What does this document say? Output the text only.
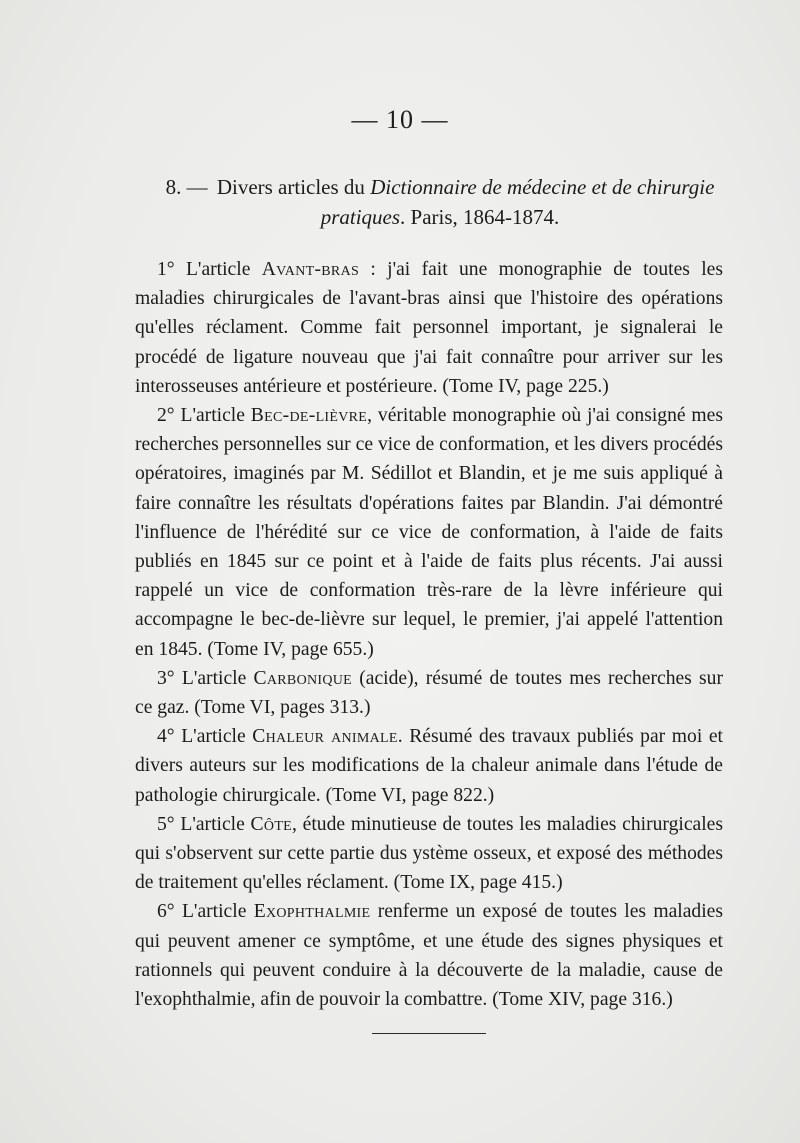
— 10 —
8. — Divers articles du Dictionnaire de médecine et de chirurgie pratiques. Paris, 1864-1874.

1° L'article Avant-bras : j'ai fait une monographie de toutes les maladies chirurgicales de l'avant-bras ainsi que l'histoire des opérations qu'elles réclament. Comme fait personnel important, je signalerai le procédé de ligature nouveau que j'ai fait connaître pour arriver sur les interosseuses antérieure et postérieure. (Tome IV, page 225.)

2° L'article Bec-de-lièvre, véritable monographie où j'ai consigné mes recherches personnelles sur ce vice de conformation, et les divers procédés opératoires, imaginés par M. Sédillot et Blandin, et je me suis appliqué à faire connaître les résultats d'opérations faites par Blandin. J'ai démontré l'influence de l'hérédité sur ce vice de conformation, à l'aide de faits publiés en 1845 sur ce point et à l'aide de faits plus récents. J'ai aussi rappelé un vice de conformation très-rare de la lèvre inférieure qui accompagne le bec-de-lièvre sur lequel, le premier, j'ai appelé l'attention en 1845. (Tome IV, page 655.)

3° L'article Carbonique (acide), résumé de toutes mes recherches sur ce gaz. (Tome VI, pages 313.)

4° L'article Chaleur animale. Résumé des travaux publiés par moi et divers auteurs sur les modifications de la chaleur animale dans l'étude de pathologie chirurgicale. (Tome VI, page 822.)

5° L'article Côte, étude minutieuse de toutes les maladies chirurgicales qui s'observent sur cette partie dus ystème osseux, et exposé des méthodes de traitement qu'elles réclament. (Tome IX, page 415.)

6° L'article Exophthalmie renferme un exposé de toutes les maladies qui peuvent amener ce symptôme, et une étude des signes physiques et rationnels qui peuvent conduire à la découverte de la maladie, cause de l'exophthalmie, afin de pouvoir la combattre. (Tome XIV, page 316.)
